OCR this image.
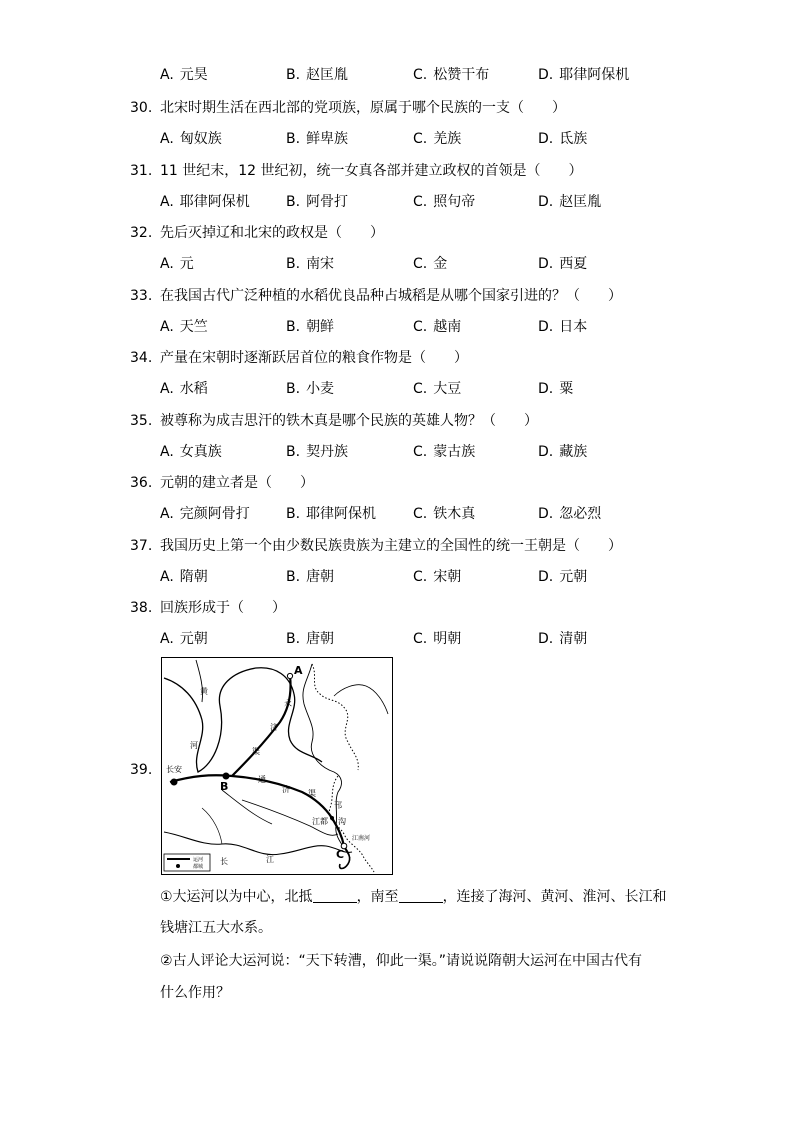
A. 元昊	B. 赵匡胤	C. 松赞干布	D. 耶律阿保机
30. 北宋时期生活在西北部的党项族，原属于哪个民族的一支（　　）
A. 匈奴族	B. 鲜卑族	C. 羌族	D. 氐族
31. 11 世纪末，12 世纪初，统一女真各部并建立政权的首领是（　　）
A. 耶律阿保机	B. 阿骨打	C. 照句帝	D. 赵匡胤
32. 先后灭掉辽和北宋的政权是（　　）
A. 元	B. 南宋	C. 金	D. 西夏
33. 在我国古代广泛种植的水稻优良品种占城稻是从哪个国家引进的？（　　）
A. 天竺	B. 朝鲜	C. 越南	D. 日本
34. 产量在宋朝时逐渐跃居首位的粮食作物是（　　）
A. 水稻	B. 小麦	C. 大豆	D. 粟
35. 被尊称为成吉思汗的铁木真是哪个民族的英雄人物？（　　）
A. 女真族	B. 契丹族	C. 蒙古族	D. 藏族
36. 元朝的建立者是（　　）
A. 完颜阿骨打	B. 耶律阿保机	C. 铁木真	D. 忽必烈
37. 我国历史上第一个由少数民族贵族为主建立的全国性的统一王朝是（　　）
A. 隋朝	B. 唐朝	C. 宋朝	D. 元朝
38. 回族形成于（　　）
A. 元朝	B. 唐朝	C. 明朝	D. 清朝
39.
A
B
C
黄
河
长安
永
济
渠
通
济 渠
邗
沟
江都
江南河
长	江
运河
都城
①大运河以为中心，北抵	，南至	，连接了海河、黄河、淮河、长江和
钱塘江五大水系。
②古人评论大运河说：“天下转漕，仰此一渠。”请说说隋朝大运河在中国古代有
什么作用？
